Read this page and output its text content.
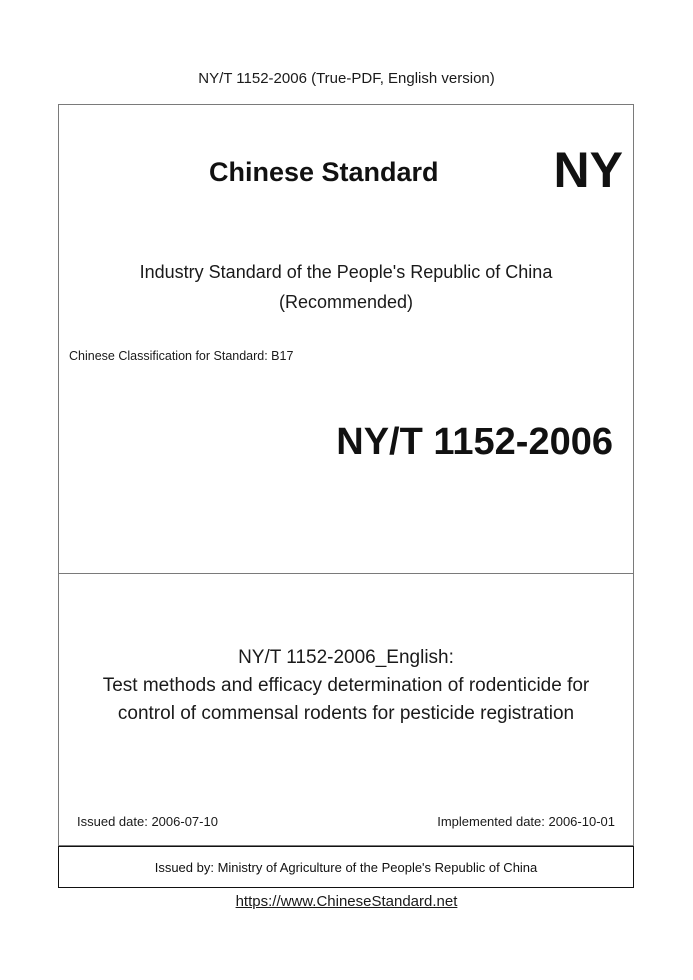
NY/T 1152-2006 (True-PDF, English version)
Chinese Standard NY
Industry Standard of the People's Republic of China
(Recommended)
Chinese Classification for Standard: B17
NY/T 1152-2006
NY/T 1152-2006_English:
Test methods and efficacy determination of rodenticide for
control of commensal rodents for pesticide registration
Issued date: 2006-07-10	Implemented date: 2006-10-01
Issued by: Ministry of Agriculture of the People's Republic of China
https://www.ChineseStandard.net
